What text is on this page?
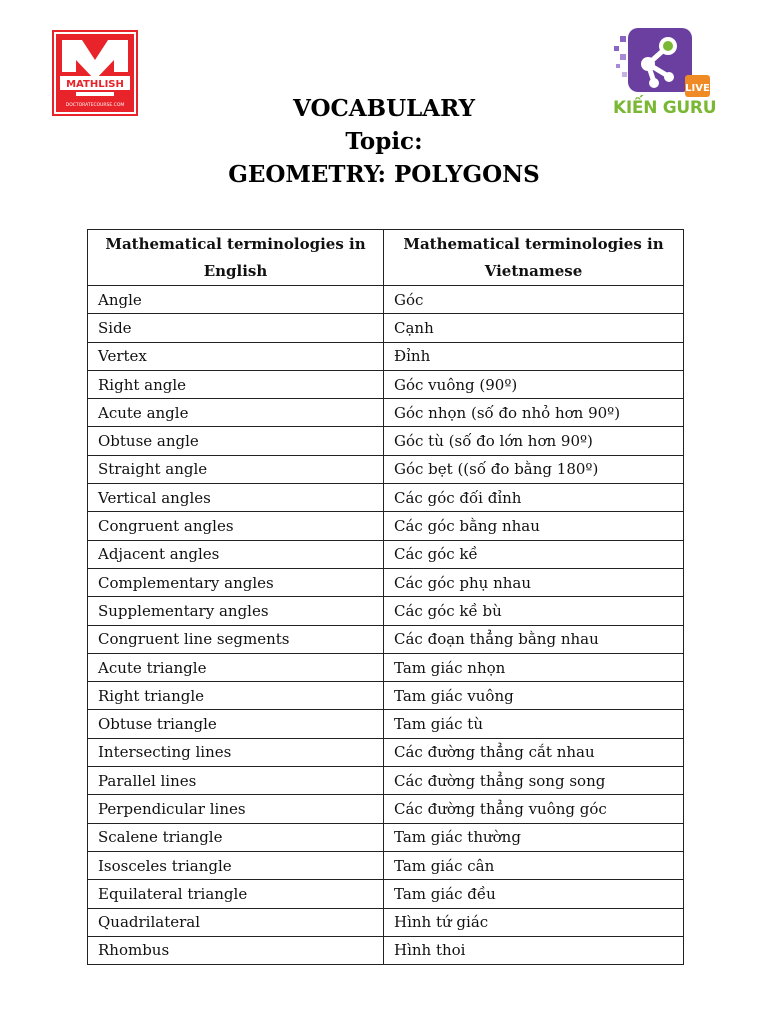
MATHLISH
DOCTORATECOURSE.COM
LIVE
KIẾN GURU
VOCABULARY
Topic:
GEOMETRY: POLYGONS
Mathematical terminologies in English	Mathematical terminologies in Vietnamese
Angle	Góc
Side	Cạnh
Vertex	Đỉnh
Right angle	Góc vuông (90º)
Acute angle	Góc nhọn (số đo nhỏ hơn 90º)
Obtuse angle	Góc tù (số đo lớn hơn 90º)
Straight angle	Góc bẹt ((số đo bằng 180º)
Vertical angles	Các góc đối đỉnh
Congruent angles	Các góc bằng nhau
Adjacent angles	Các góc kề
Complementary angles	Các góc phụ nhau
Supplementary angles	Các góc kề bù
Congruent line segments	Các đoạn thẳng bằng nhau
Acute triangle	Tam giác nhọn
Right triangle	Tam giác vuông
Obtuse triangle	Tam giác tù
Intersecting lines	Các đường thẳng cắt nhau
Parallel lines	Các đường thẳng song song
Perpendicular lines	Các đường thẳng vuông góc
Scalene triangle	Tam giác thường
Isosceles triangle	Tam giác cân
Equilateral triangle	Tam giác đều
Quadrilateral	Hình tứ giác
Rhombus	Hình thoi
